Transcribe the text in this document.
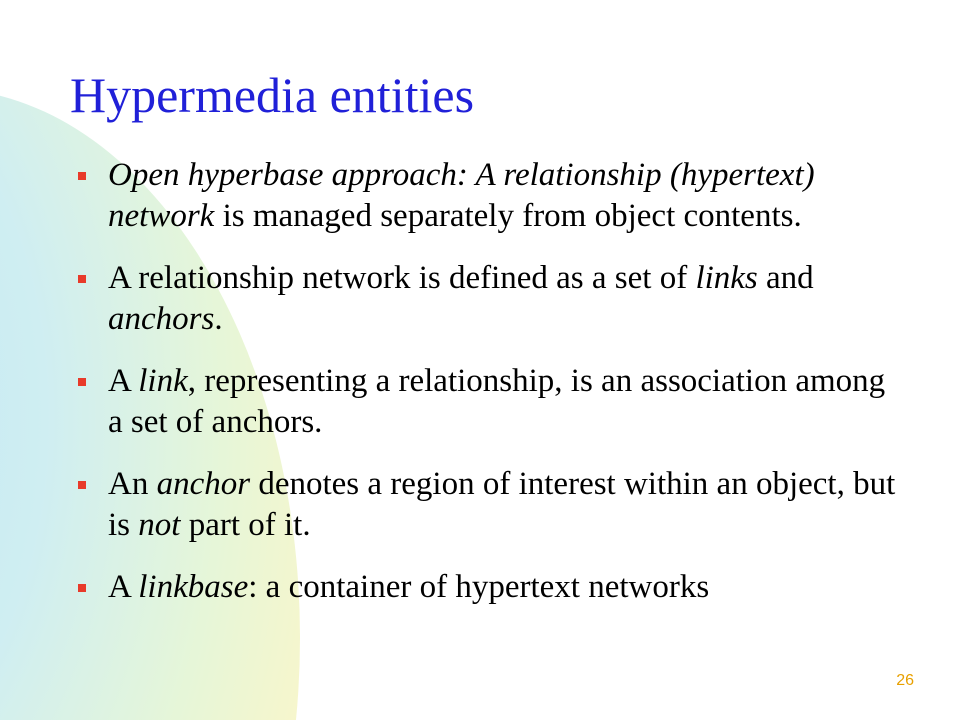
Hypermedia entities
Open hyperbase approach: A relationship (hypertext) network is managed separately from object contents.
A relationship network is defined as a set of links and anchors.
A link, representing a relationship, is an association among a set of anchors.
An anchor denotes a region of interest within an object, but is not part of it.
A linkbase: a container of hypertext networks
26
